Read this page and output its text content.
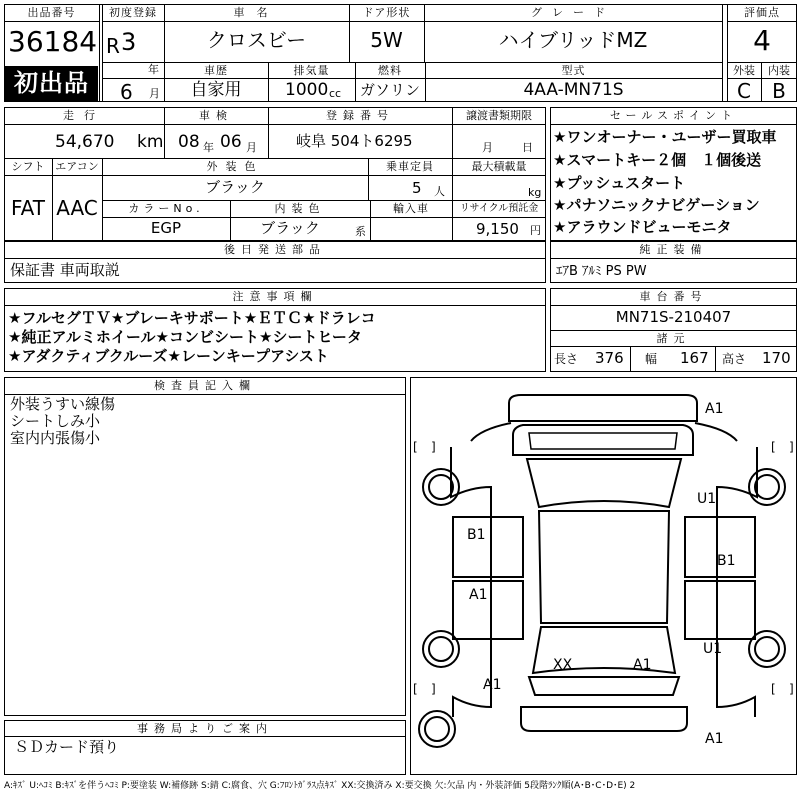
出品番号
36184
初出品
初度登録
R 3
年
6 月
車名
クロスビー
ドア形状
5W
グレード
ハイブリッドMZ
評価点
4
車歴
自家用
排気量
1000 cc
燃料
ガソリン
型式
4AA-MN71S
外装	内装
C	B
走行
54,670 km
車検
08 年 06 月
登録番号
岐阜 504ト6295
譲渡書類期限
月	日
シフト エアコン
FAT AAC
外装色
ブラック
乗車定員
5 人
最大積載量
kg
カラーNo.
EGP
内装色
ブラック	系
輸入車	リサイクル預託金
9,150 円
後日発送部品
保証書 車両取説
セールスポイント
★ワンオーナー・ユーザー買取車
★スマートキー２個　１個後送
★プッシュスタート
★パナソニックナビゲーション
★アラウンドビューモニタ
純正装備
ｴｱB ｱﾙﾐ PS PW
注意事項欄
★フルセグＴＶ★ブレーキサポート★ＥＴＣ★ドラレコ
★純正アルミホイール★コンビシート★シートヒータ
★アダクティブクルーズ★レーンキープアシスト
車台番号
MN71S-210407
諸元
長さ 376 幅 167 高さ 170
検査員記入欄
外装うすい線傷
シートしみ小
室内内張傷小
事務局よりご案内
ＳＤカード預り
[ ]	[ ]
[ ]	[ ]
A1
U1
B1
B1
A1
U1
XX	A1
A1
A1
A:ｷｽﾞ U:ﾍｺﾐ B:ｷｽﾞを伴うﾍｺﾐ P:要塗装 W:補修跡 S:錆 C:腐食、穴 G:ﾌﾛﾝﾄｶﾞﾗｽ点ｷｽﾞ XX:交換済み X:要交換 欠:欠品 内・外装評価 5段階ﾗﾝｸ順(A･B･C･D･E) 2
